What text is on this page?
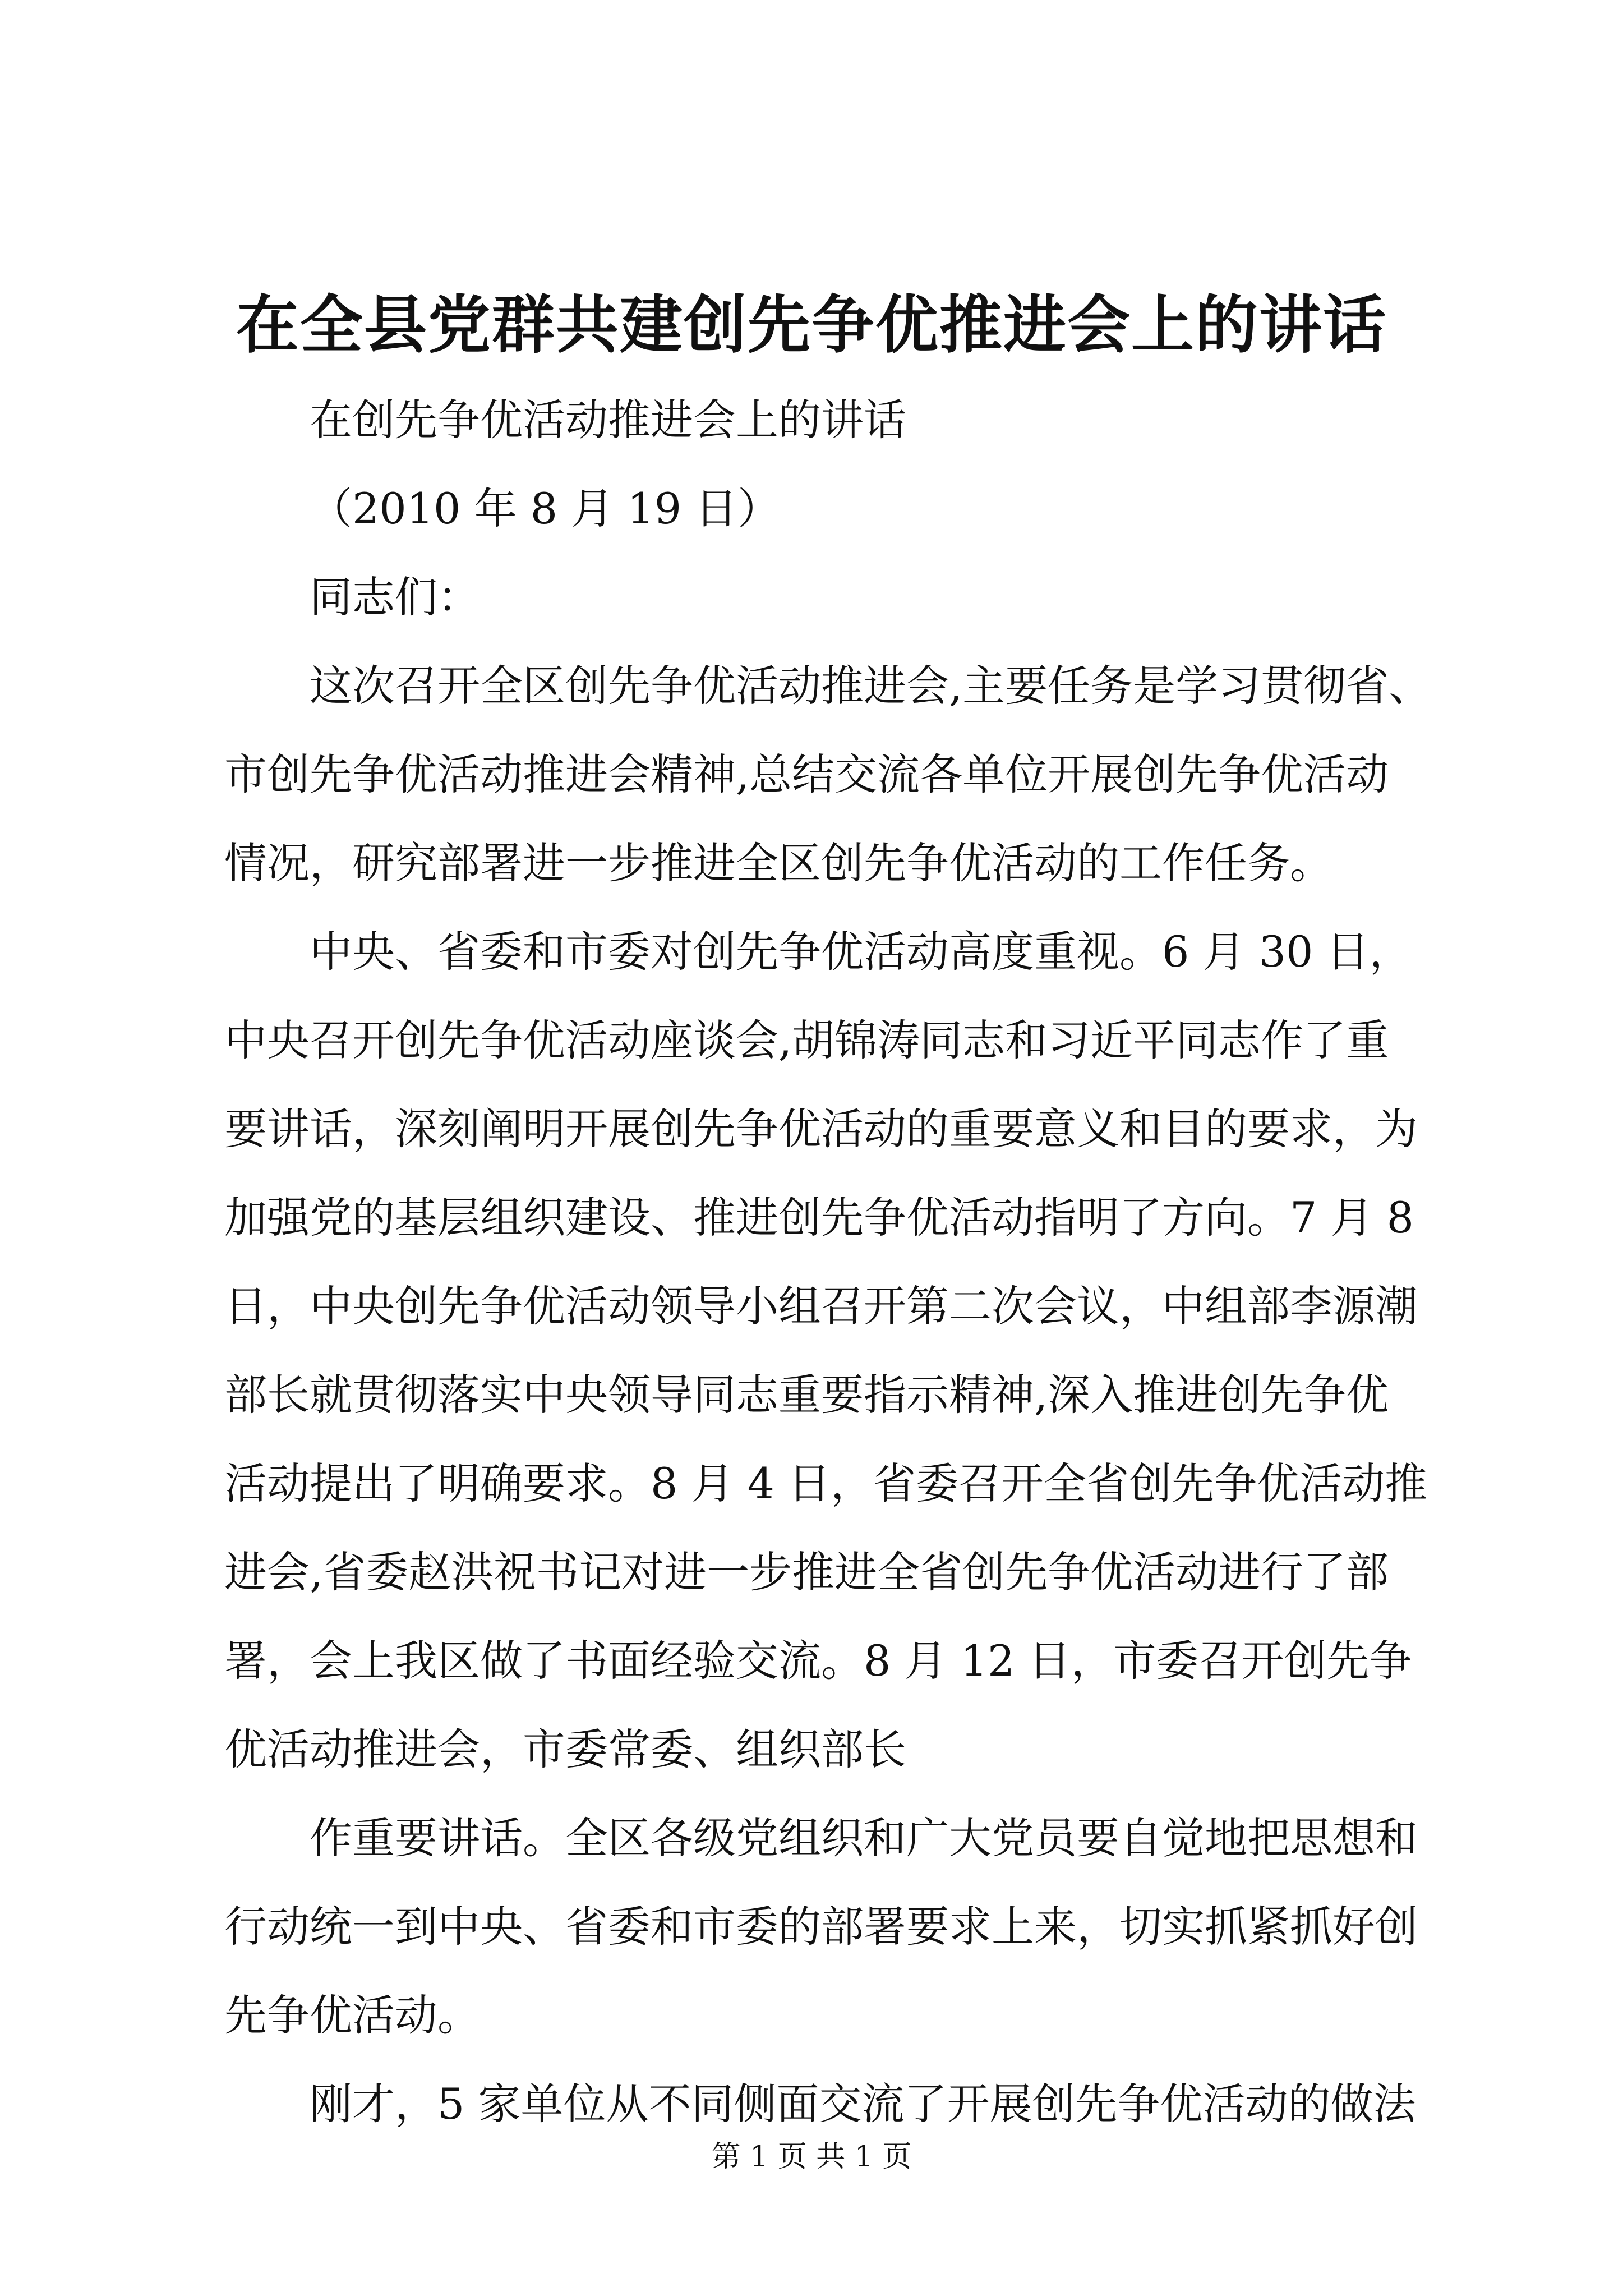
在全县党群共建创先争优推进会上的讲话
在创先争优活动推进会上的讲话
（2010 年 8 月 19 日）
同志们：
这次召开全区创先争优活动推进会,主要任务是学习贯彻省、
市创先争优活动推进会精神,总结交流各单位开展创先争优活动
情况，研究部署进一步推进全区创先争优活动的工作任务。
中央、省委和市委对创先争优活动高度重视。6 月 30 日，
中央召开创先争优活动座谈会,胡锦涛同志和习近平同志作了重
要讲话，深刻阐明开展创先争优活动的重要意义和目的要求，为
加强党的基层组织建设、推进创先争优活动指明了方向。7 月 8
日，中央创先争优活动领导小组召开第二次会议，中组部李源潮
部长就贯彻落实中央领导同志重要指示精神,深入推进创先争优
活动提出了明确要求。8 月 4 日，省委召开全省创先争优活动推
进会,省委赵洪祝书记对进一步推进全省创先争优活动进行了部
署，会上我区做了书面经验交流。8 月 12 日，市委召开创先争
优活动推进会，市委常委、组织部长
作重要讲话。全区各级党组织和广大党员要自觉地把思想和
行动统一到中央、省委和市委的部署要求上来，切实抓紧抓好创
先争优活动。
刚才，5 家单位从不同侧面交流了开展创先争优活动的做法
第 1 页 共 1 页
